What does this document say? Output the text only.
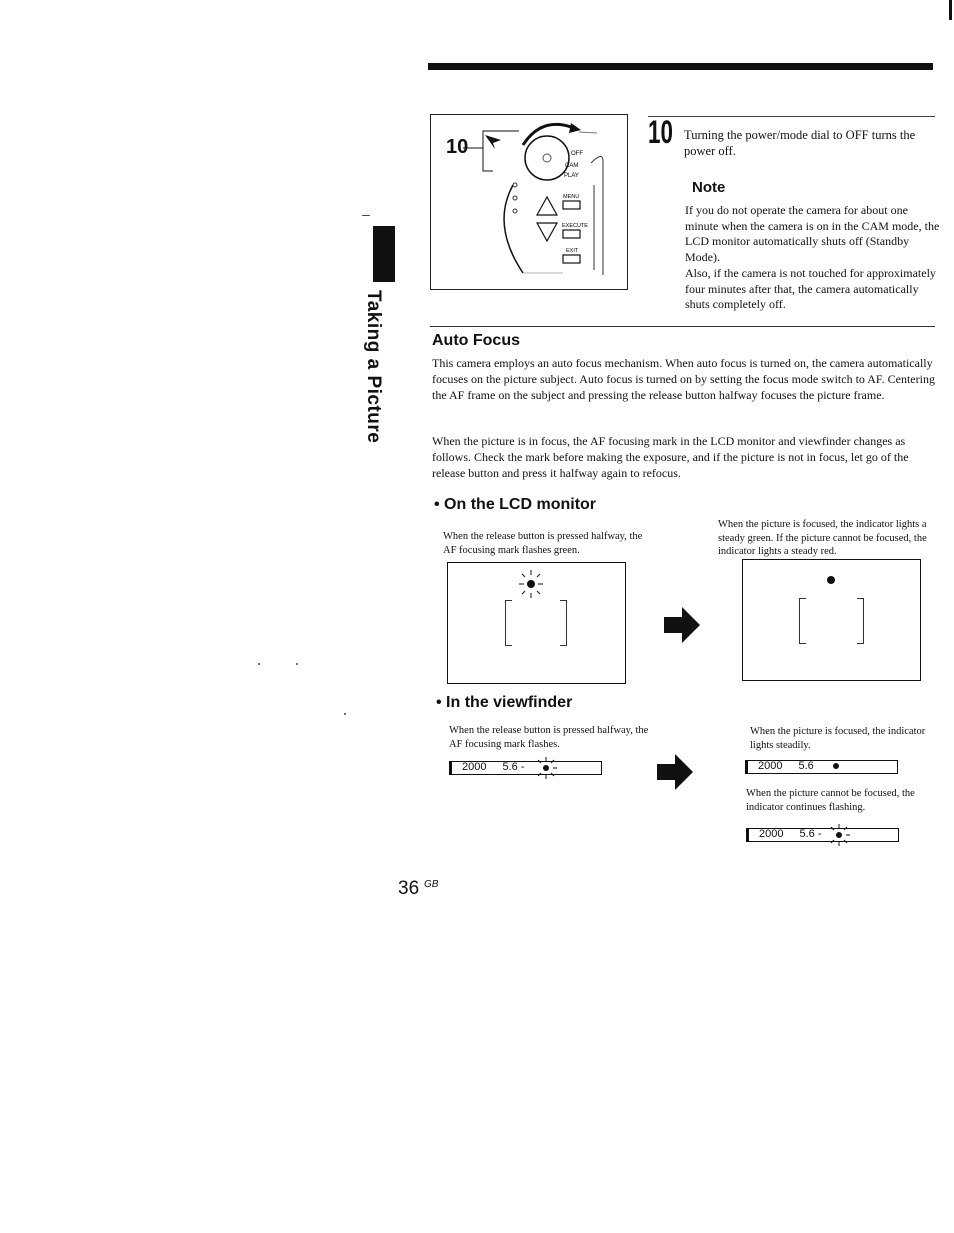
Taking a Picture
OFF
CAM
PLAY
MENU
EXECUTE
EXIT
10	10 Turning the power/mode dial to OFF turns the power off.
Note

If you do not operate the camera for about one minute when the camera is on in the CAM mode, the LCD monitor automatically shuts off (Standby Mode).

Also, if the camera is not touched for approximately four minutes after that, the camera automatically shuts completely off.

Auto Focus
This camera employs an auto focus mechanism. When auto focus is turned on, the camera automatically focuses on the picture subject. Auto focus is turned on by setting the focus mode switch to AF. Centering the AF frame on the subject and pressing the release button halfway focuses the picture frame.
When the picture is in focus, the AF focusing mark in the LCD monitor and viewfinder changes as follows. Check the mark before making the exposure, and if the picture is not in focus, let go of the release button and press it halfway again to refocus.
• On the LCD monitor
When the release button is pressed halfway, the AF focusing mark flashes green.
When the picture is focused, the indicator lights a steady green. If the picture cannot be focused, the indicator lights a steady red.
• In the viewfinder
When the release button is pressed halfway, the AF focusing mark flashes.
When the picture is focused, the indicator lights steadily.
When the picture cannot be focused, the indicator continues flashing.
2000 5.6 -	2000 5.6
2000 5.6 -
36 GB
